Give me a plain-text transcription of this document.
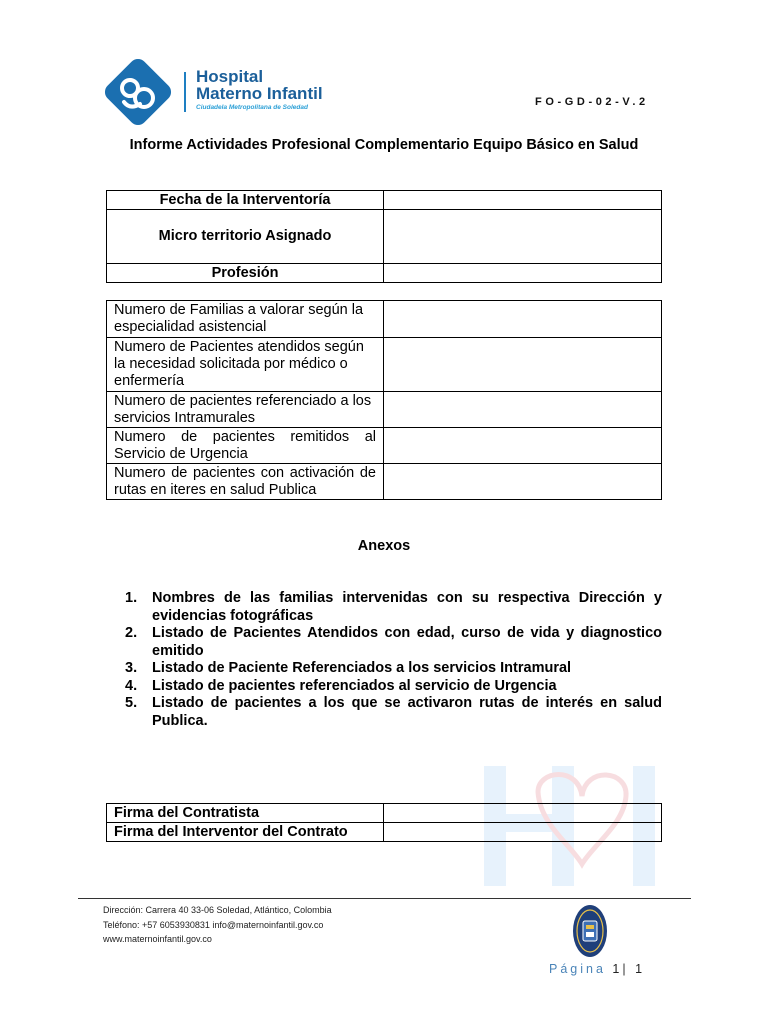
Hospital
Materno Infantil
Ciudadela Metropolitana de Soledad	FO-GD-02-V.2
Informe Actividades Profesional Complementario Equipo Básico en Salud
Fecha de la Interventoría	
Micro territorio Asignado	
Profesión	
Numero de Familias a valorar según la especialidad asistencial	
Numero de Pacientes atendidos según la necesidad solicitada por médico o enfermería	
Numero de pacientes referenciado a los servicios Intramurales	
Numero de pacientes remitidos al Servicio de Urgencia	
Numero de pacientes con activación de rutas en iteres en salud Publica	
Anexos
1.	Nombres de las familias intervenidas con su respectiva Dirección y evidencias fotográficas
2.	Listado de Pacientes Atendidos con edad, curso de vida y diagnostico emitido
3.	Listado de Paciente Referenciados a los servicios Intramural
4.	Listado de pacientes referenciados al servicio de Urgencia
5.	Listado de pacientes a los que se activaron rutas de interés en salud Publica.
Firma del Contratista	
Firma del Interventor del Contrato	
Dirección: Carrera 40 33-06 Soledad, Atlántico, Colombia
Teléfono: +57 6053930831 info@maternoinfantil.gov.co
www.maternoinfantil.gov.co
Página 1| 1
